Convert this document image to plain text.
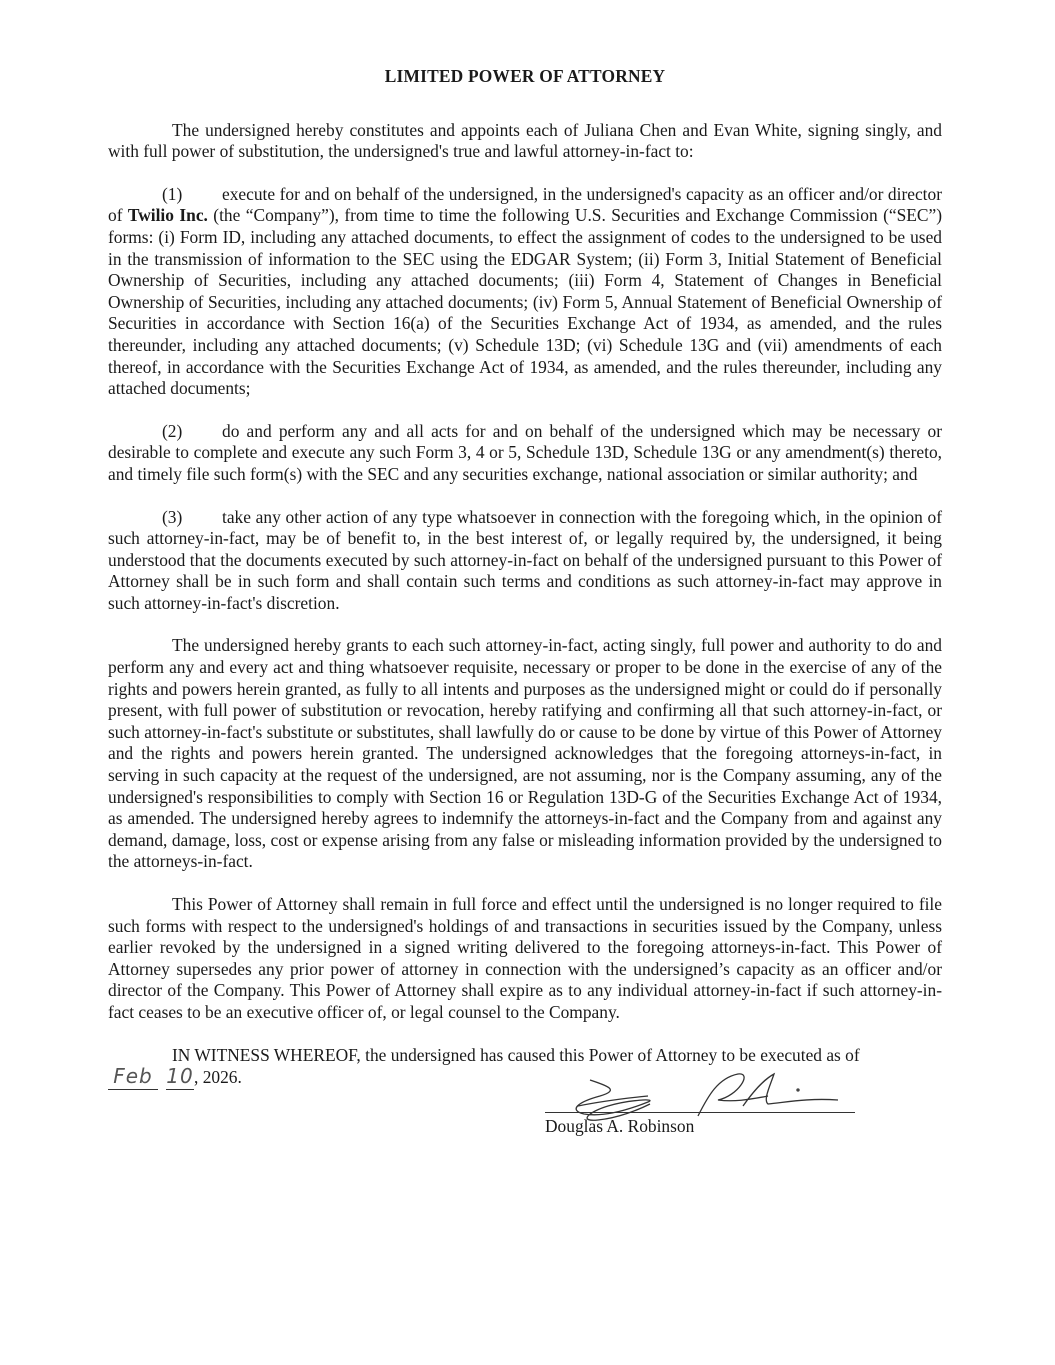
LIMITED POWER OF ATTORNEY

The undersigned hereby constitutes and appoints each of Juliana Chen and Evan White, signing singly, and with full power of substitution, the undersigned's true and lawful attorney-in-fact to:

(1) execute for and on behalf of the undersigned, in the undersigned's capacity as an officer and/or director of Twilio Inc. (the “Company”), from time to time the following U.S. Securities and Exchange Commission (“SEC”) forms: (i) Form ID, including any attached documents, to effect the assignment of codes to the undersigned to be used in the transmission of information to the SEC using the EDGAR System; (ii) Form 3, Initial Statement of Beneficial Ownership of Securities, including any attached documents; (iii) Form 4, Statement of Changes in Beneficial Ownership of Securities, including any attached documents; (iv) Form 5, Annual Statement of Beneficial Ownership of Securities in accordance with Section 16(a) of the Securities Exchange Act of 1934, as amended, and the rules thereunder, including any attached documents; (v) Schedule 13D; (vi) Schedule 13G and (vii) amendments of each thereof, in accordance with the Securities Exchange Act of 1934, as amended, and the rules thereunder, including any attached documents;

(2) do and perform any and all acts for and on behalf of the undersigned which may be necessary or desirable to complete and execute any such Form 3, 4 or 5, Schedule 13D, Schedule 13G or any amendment(s) thereto, and timely file such form(s) with the SEC and any securities exchange, national association or similar authority; and

(3) take any other action of any type whatsoever in connection with the foregoing which, in the opinion of such attorney-in-fact, may be of benefit to, in the best interest of, or legally required by, the undersigned, it being understood that the documents executed by such attorney-in-fact on behalf of the undersigned pursuant to this Power of Attorney shall be in such form and shall contain such terms and conditions as such attorney-in-fact may approve in such attorney-in-fact's discretion.

The undersigned hereby grants to each such attorney-in-fact, acting singly, full power and authority to do and perform any and every act and thing whatsoever requisite, necessary or proper to be done in the exercise of any of the rights and powers herein granted, as fully to all intents and purposes as the undersigned might or could do if personally present, with full power of substitution or revocation, hereby ratifying and confirming all that such attorney-in-fact, or such attorney-in-fact's substitute or substitutes, shall lawfully do or cause to be done by virtue of this Power of Attorney and the rights and powers herein granted. The undersigned acknowledges that the foregoing attorneys-in-fact, in serving in such capacity at the request of the undersigned, are not assuming, nor is the Company assuming, any of the undersigned's responsibilities to comply with Section 16 or Regulation 13D-G of the Securities Exchange Act of 1934, as amended. The undersigned hereby agrees to indemnify the attorneys-in-fact and the Company from and against any demand, damage, loss, cost or expense arising from any false or misleading information provided by the undersigned to the attorneys-in-fact.

This Power of Attorney shall remain in full force and effect until the undersigned is no longer required to file such forms with respect to the undersigned's holdings of and transactions in securities issued by the Company, unless earlier revoked by the undersigned in a signed writing delivered to the foregoing attorneys-in-fact. This Power of Attorney supersedes any prior power of attorney in connection with the undersigned’s capacity as an officer and/or director of the Company. This Power of Attorney shall expire as to any individual attorney-in-fact if such attorney-in-fact ceases to be an executive officer of, or legal counsel to the Company.

IN WITNESS WHEREOF, the undersigned has caused this Power of Attorney to be executed as of
Feb 10, 2026.
Douglas A. Robinson
